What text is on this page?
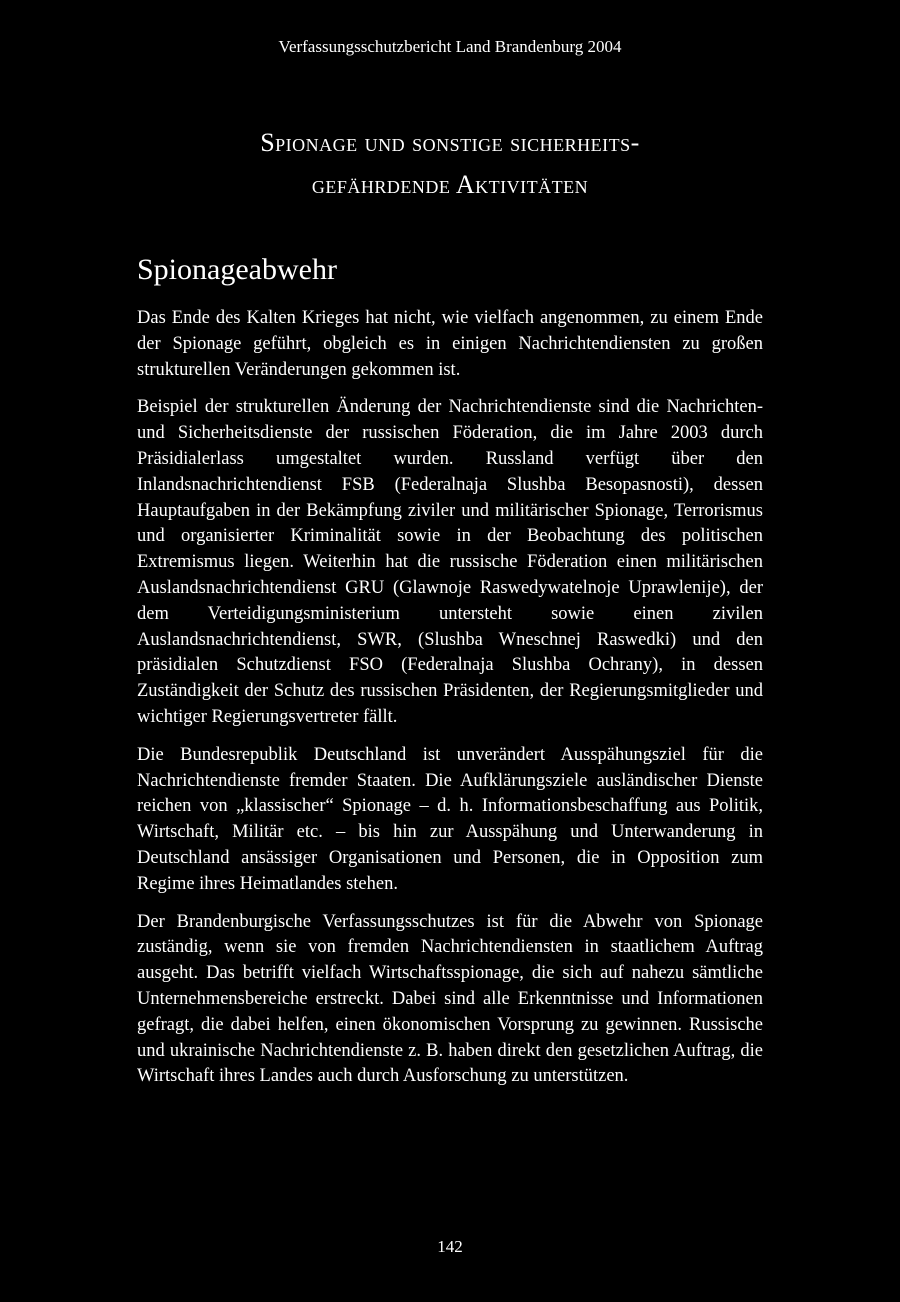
Verfassungsschutzbericht Land Brandenburg 2004
Spionage und sonstige sicherheits-
gefährdende Aktivitäten
Spionageabwehr

Das Ende des Kalten Krieges hat nicht, wie vielfach angenommen, zu einem Ende der Spionage geführt, obgleich es in einigen Nachrichtendiensten zu großen strukturellen Veränderungen gekommen ist.

Beispiel der strukturellen Änderung der Nachrichtendienste sind die Nachrichten- und Sicherheitsdienste der russischen Föderation, die im Jahre 2003 durch Präsidialerlass umgestaltet wurden. Russland verfügt über den Inlandsnachrichtendienst FSB (Federalnaja Slushba Besopasnosti), dessen Hauptaufgaben in der Bekämpfung ziviler und militärischer Spionage, Terrorismus und organisierter Kriminalität sowie in der Beobachtung des politischen Extremismus liegen. Weiterhin hat die russische Föderation einen militärischen Auslandsnachrichtendienst GRU (Glawnoje Raswedywatelnoje Uprawlenije), der dem Verteidigungsministerium untersteht sowie einen zivilen Auslandsnachrichtendienst, SWR, (Slushba Wneschnej Raswedki) und den präsidialen Schutzdienst FSO (Federalnaja Slushba Ochrany), in dessen Zuständigkeit der Schutz des russischen Präsidenten, der Regierungsmitglieder und wichtiger Regierungsvertreter fällt.

Die Bundesrepublik Deutschland ist unverändert Ausspähungsziel für die Nachrichtendienste fremder Staaten. Die Aufklärungsziele ausländischer Dienste reichen von „klassischer“ Spionage – d. h. Informationsbeschaffung aus Politik, Wirtschaft, Militär etc. – bis hin zur Ausspähung und Unterwanderung in Deutschland ansässiger Organisationen und Personen, die in Opposition zum Regime ihres Heimatlandes stehen.

Der Brandenburgische Verfassungsschutzes ist für die Abwehr von Spionage zuständig, wenn sie von fremden Nachrichtendiensten in staatlichem Auftrag ausgeht. Das betrifft vielfach Wirtschaftsspionage, die sich auf nahezu sämtliche Unternehmensbereiche erstreckt. Dabei sind alle Erkenntnisse und Informationen gefragt, die dabei helfen, einen ökonomischen Vorsprung zu gewinnen. Russische und ukrainische Nachrichtendienste z. B. haben direkt den gesetzlichen Auftrag, die Wirtschaft ihres Landes auch durch Ausforschung zu unterstützen.

142
